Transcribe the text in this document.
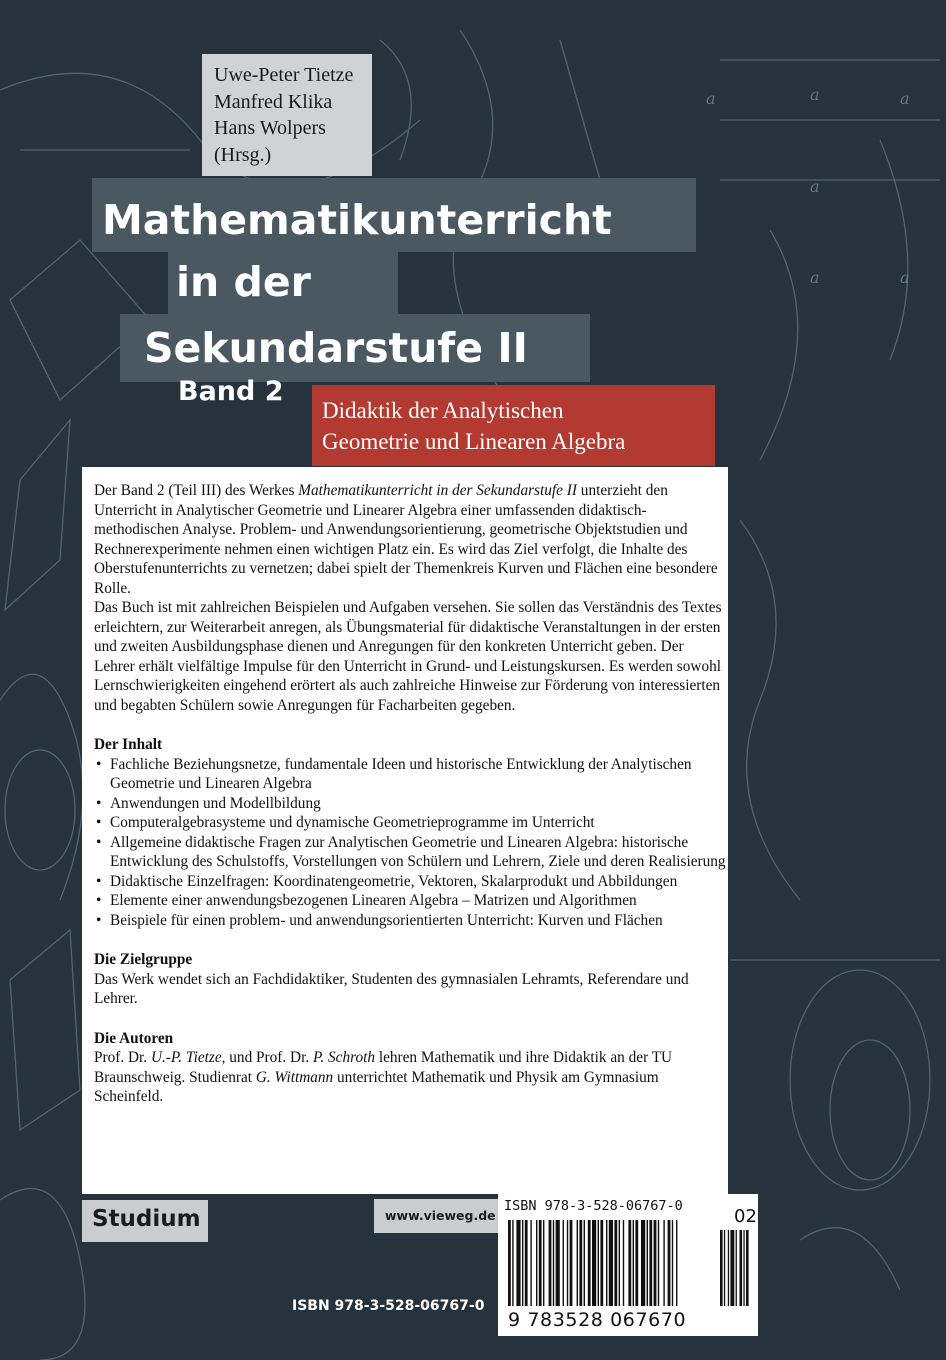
a	a	a
a
a	a
Uwe-Peter Tietze
Manfred Klika
Hans Wolpers
(Hrsg.)
Mathematikunterricht
in der
Sekundarstufe II
Band 2
Didaktik der Analytischen
Geometrie und Linearen Algebra

Der Band 2 (Teil III) des Werkes Mathematikunterricht in der Sekundarstufe II unterzieht den Unterricht in Analytischer Geometrie und Linearer Algebra einer umfassenden didaktisch-methodischen Analyse. Problem- und Anwendungsorientierung, geometrische Objektstudien und Rechnerexperimente nehmen einen wichtigen Platz ein. Es wird das Ziel verfolgt, die Inhalte des Oberstufenunterrichts zu vernetzen; dabei spielt der Themenkreis Kurven und Flächen eine besondere Rolle.

Das Buch ist mit zahlreichen Beispielen und Aufgaben versehen. Sie sollen das Verständnis des Textes erleichtern, zur Weiterarbeit anregen, als Übungsmaterial für didaktische Veranstaltungen in der ersten und zweiten Ausbildungsphase dienen und Anregungen für den konkreten Unterricht geben. Der Lehrer erhält vielfältige Impulse für den Unterricht in Grund- und Leistungskursen. Es werden sowohl Lernschwierigkeiten eingehend erörtert als auch zahlreiche Hinweise zur Förderung von interessierten und begabten Schülern sowie Anregungen für Facharbeiten gegeben.

Der Inhalt

• Fachliche Beziehungsnetze, fundamentale Ideen und historische Entwicklung der Analytischen Geometrie und Linearen Algebra
• Anwendungen und Modellbildung
• Computeralgebrasysteme und dynamische Geometrieprogramme im Unterricht
• Allgemeine didaktische Fragen zur Analytischen Geometrie und Linearen Algebra: historische Entwicklung des Schulstoffs, Vorstellungen von Schülern und Lehrern, Ziele und deren Realisierung
• Didaktische Einzelfragen: Koordinatengeometrie, Vektoren, Skalarprodukt und Abbildungen
• Elemente einer anwendungsbezogenen Linearen Algebra – Matrizen und Algorithmen
• Beispiele für einen problem- und anwendungsorientierten Unterricht: Kurven und Flächen

Die Zielgruppe

Das Werk wendet sich an Fachdidaktiker, Studenten des gymnasialen Lehramts, Referendare und Lehrer.

Die Autoren

Prof. Dr. U.-P. Tietze, und Prof. Dr. P. Schroth lehren Mathematik und ihre Didaktik an der TU Braunschweig. Studienrat G. Wittmann unterrichtet Mathematik und Physik am Gymnasium Scheinfeld.

Studium	www.vieweg.de
ISBN 978-3-528-06767-0	02
9 783528 067670
ISBN 978-3-528-06767-0
